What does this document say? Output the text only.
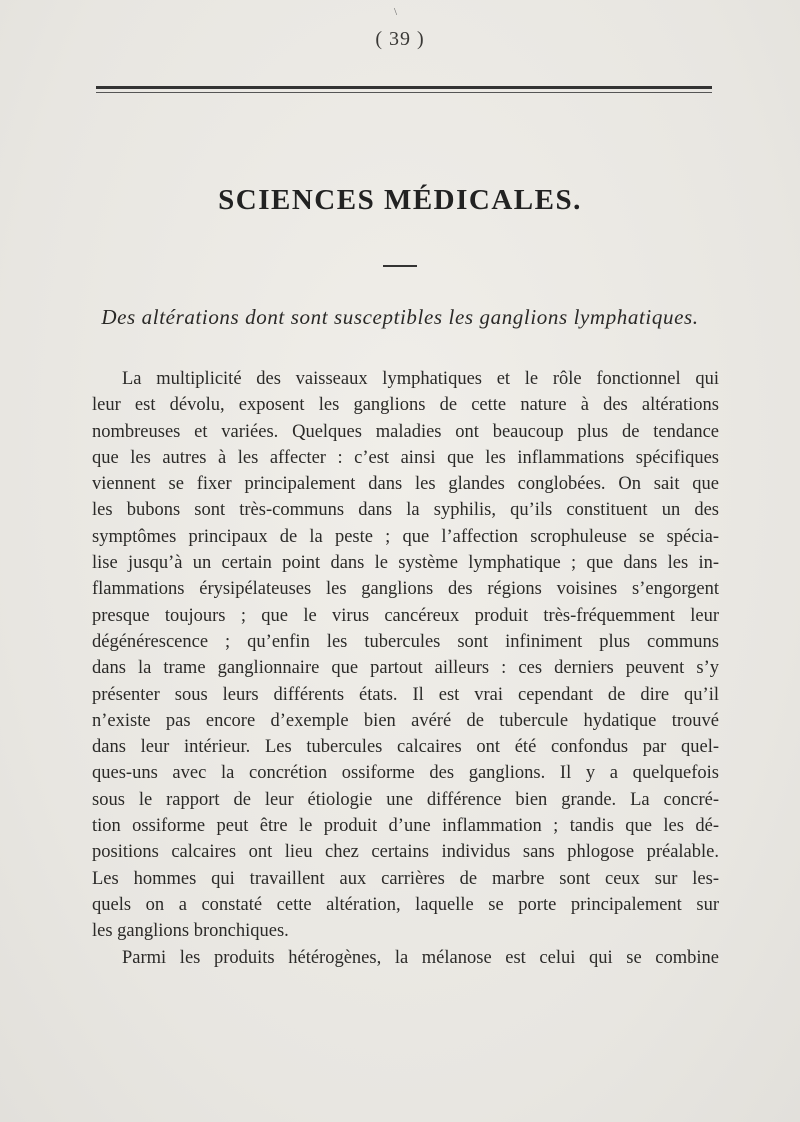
\
( 39 )
SCIENCES MÉDICALES.
Des altérations dont sont susceptibles les ganglions lymphatiques.
La multiplicité des vaisseaux lymphatiques et le rôle fonctionnel qui
leur est dévolu, exposent les ganglions de cette nature à des altérations
nombreuses et variées. Quelques maladies ont beaucoup plus de tendance
que les autres à les affecter : c’est ainsi que les inflammations spécifiques
viennent se fixer principalement dans les glandes conglobées. On sait que
les bubons sont très-communs dans la syphilis, qu’ils constituent un des
symptômes principaux de la peste ; que l’affection scrophuleuse se spécia-
lise jusqu’à un certain point dans le système lymphatique ; que dans les in-
flammations érysipélateuses les ganglions des régions voisines s’engorgent
presque toujours ; que le virus cancéreux produit très-fréquemment leur
dégénérescence ; qu’enfin les tubercules sont infiniment plus communs
dans la trame ganglionnaire que partout ailleurs : ces derniers peuvent s’y
présenter sous leurs différents états. Il est vrai cependant de dire qu’il
n’existe pas encore d’exemple bien avéré de tubercule hydatique trouvé
dans leur intérieur. Les tubercules calcaires ont été confondus par quel-
ques-uns avec la concrétion ossiforme des ganglions. Il y a quelquefois
sous le rapport de leur étiologie une différence bien grande. La concré-
tion ossiforme peut être le produit d’une inflammation ; tandis que les dé-
positions calcaires ont lieu chez certains individus sans phlogose préalable.
Les hommes qui travaillent aux carrières de marbre sont ceux sur les-
quels on a constaté cette altération, laquelle se porte principalement sur
les ganglions bronchiques.
Parmi les produits hétérogènes, la mélanose est celui qui se combine
